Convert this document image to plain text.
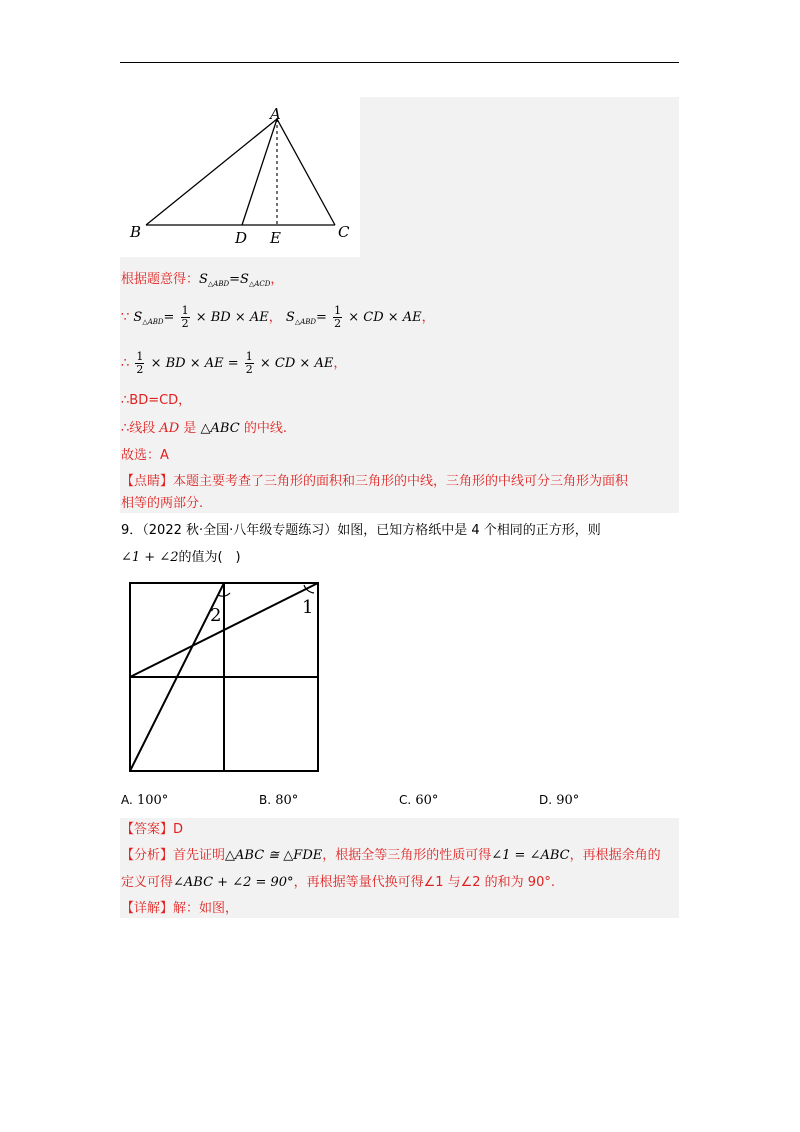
A
B	C
D E
根据题意得：$S_{\triangle ABD}=S_{\triangle ACD}$，
∵ $S_{\triangle ABD}= \frac{1}{2}$ × BD × AE， $S_{\triangle ABD}= \frac{1}{2}$ × CD × AE，
∴ $\frac{1}{2}$ × BD × AE = $\frac{1}{2}$ × CD × AE，
∴BD=CD，
∴线段 AD 是 △ABC 的中线.
故选：A
【点睛】本题主要考查了三角形的面积和三角形的中线，三角形的中线可分三角形为面积
相等的两部分.
9．（2022 秋·全国·八年级专题练习）如图，已知方格纸中是 4 个相同的正方形，则
∠1 + ∠2的值为(　)
2	1
A. 100°	B. 80°	C. 60°	D. 90°
【答案】D
【分析】首先证明△ABC ≅ △FDE，根据全等三角形的性质可得∠1 = ∠ABC，再根据余角的
定义可得∠ABC + ∠2 = 90°，再根据等量代换可得∠1 与∠2 的和为 90°.
【详解】解：如图，
